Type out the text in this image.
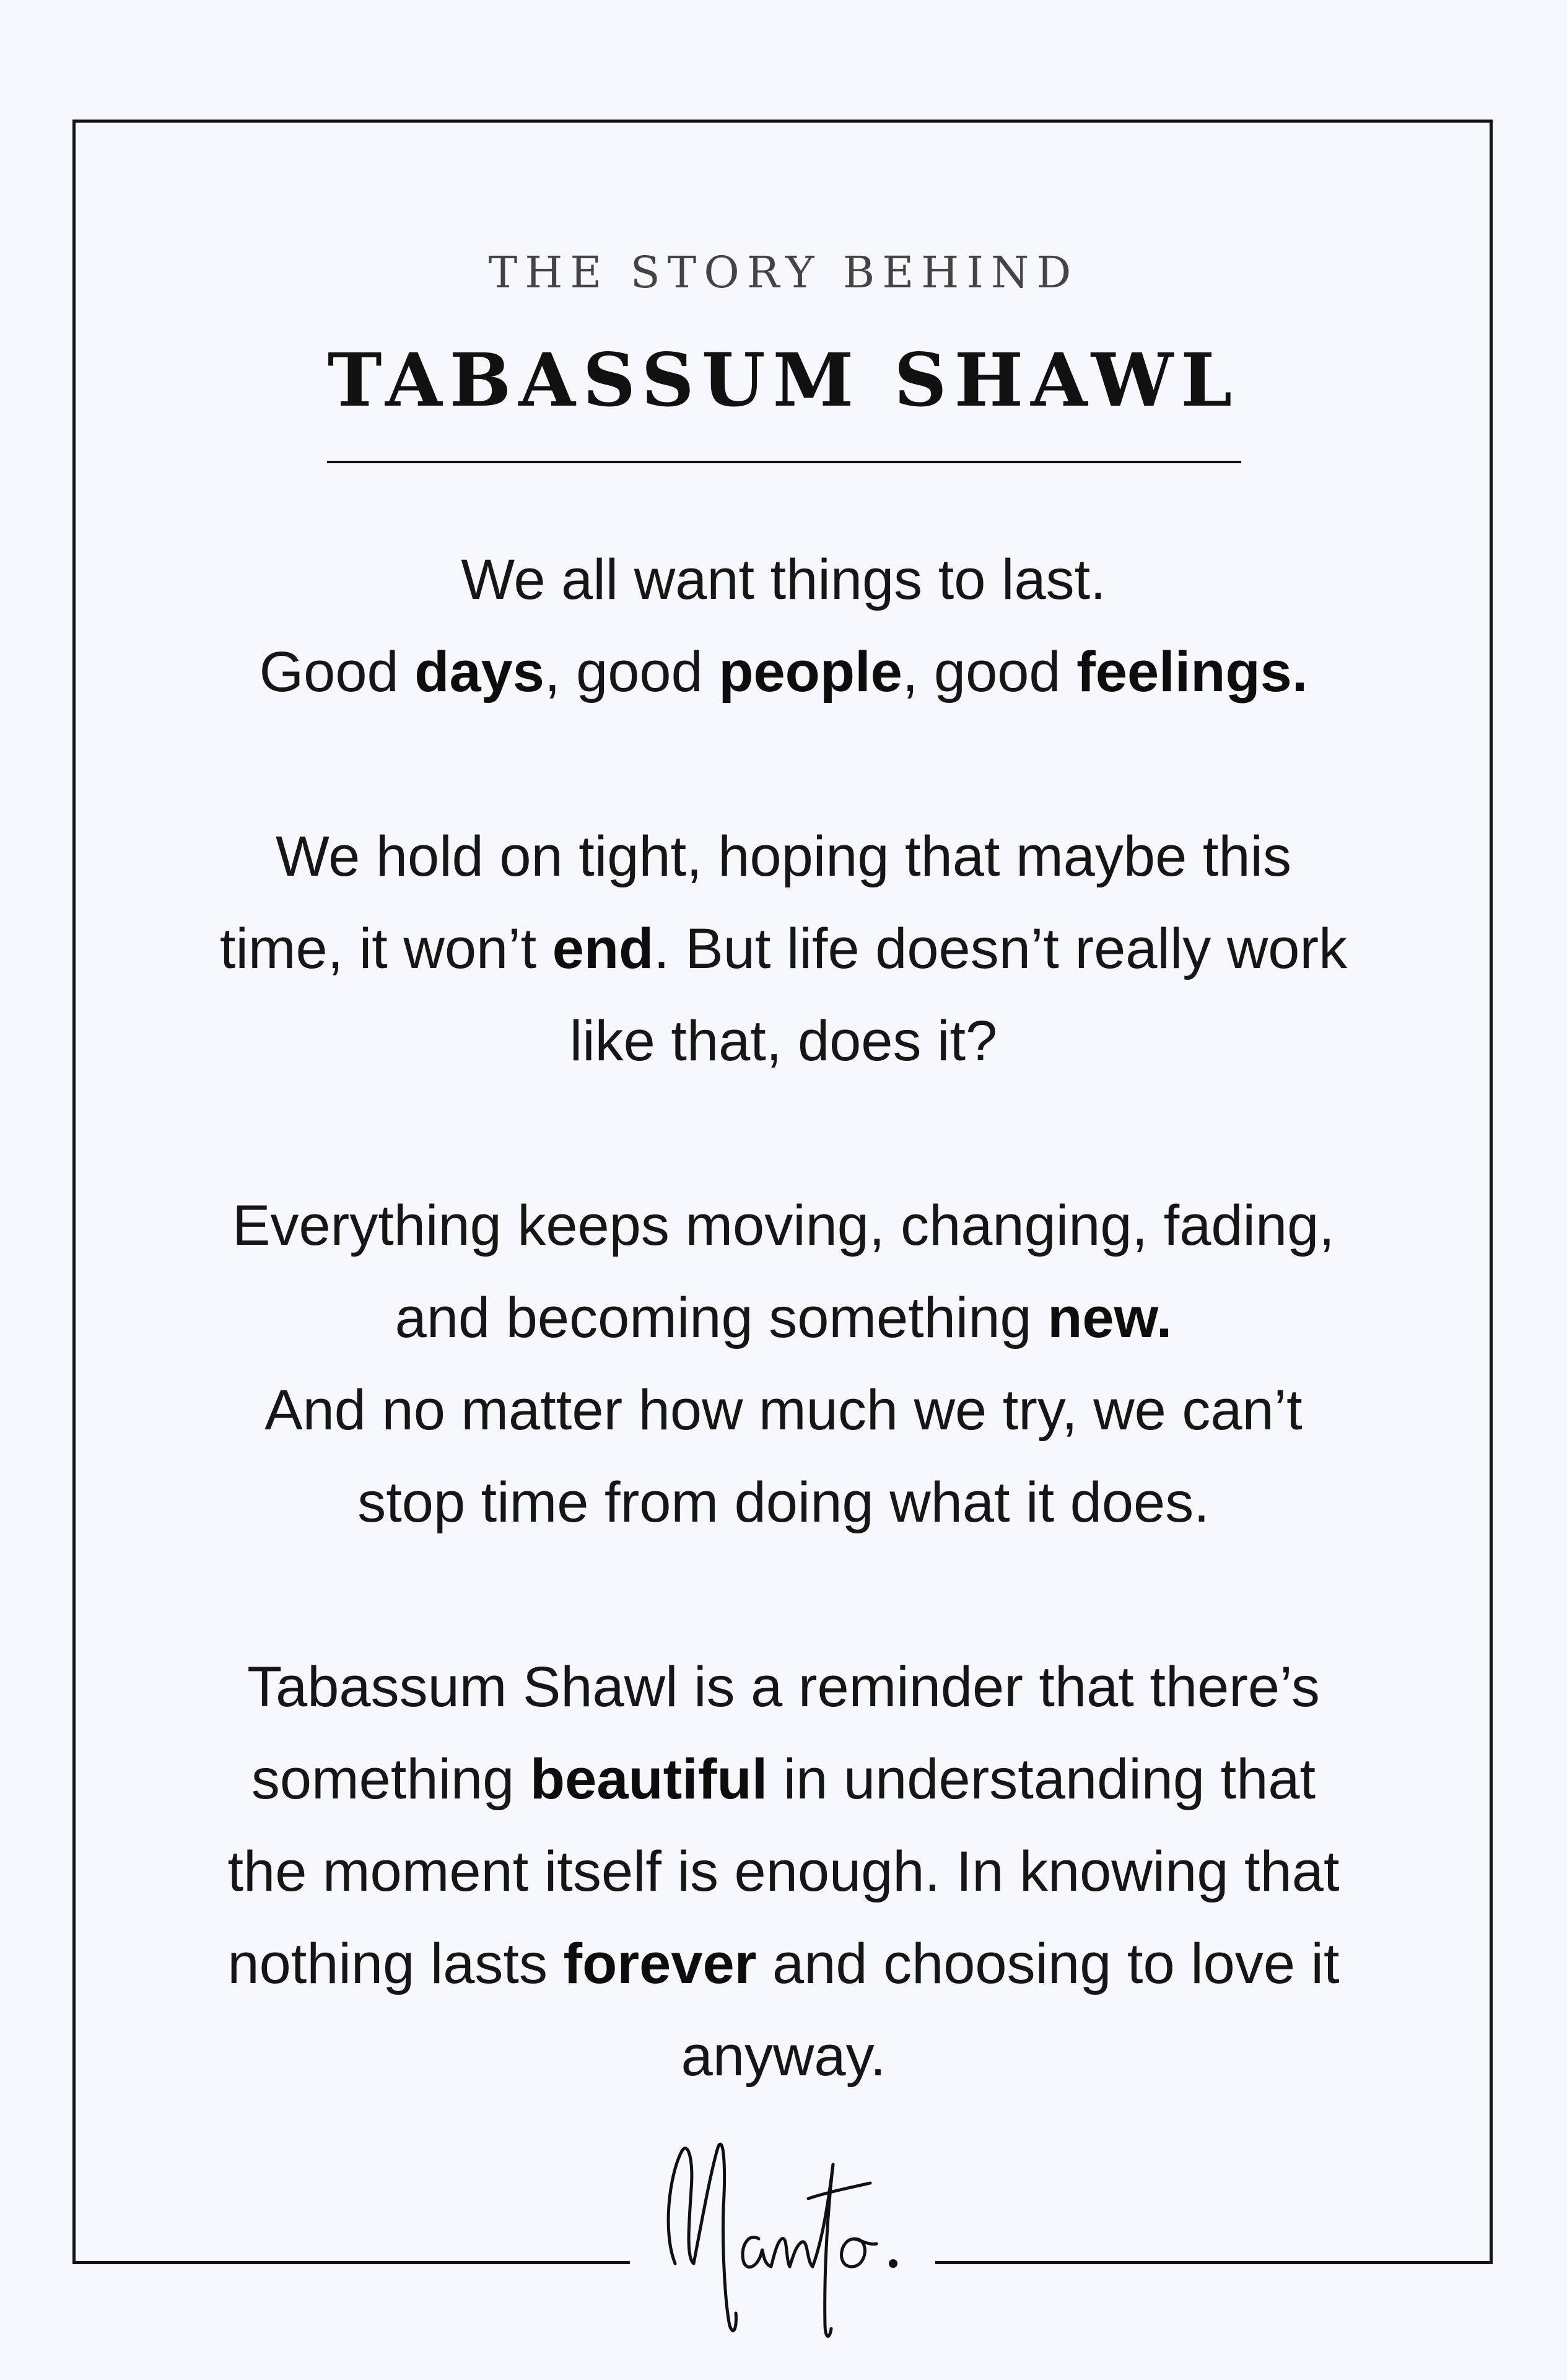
THE STORY BEHIND
TABASSUM SHAWL

We all want things to last.
Good days, good people, good feelings.

We hold on tight, hoping that maybe this
time, it won’t end. But life doesn’t really work
like that, does it?

Everything keeps moving, changing, fading,
and becoming something new.
And no matter how much we try, we can’t
stop time from doing what it does.

Tabassum Shawl is a reminder that there’s
something beautiful in understanding that
the moment itself is enough. In knowing that
nothing lasts forever and choosing to love it
anyway.
